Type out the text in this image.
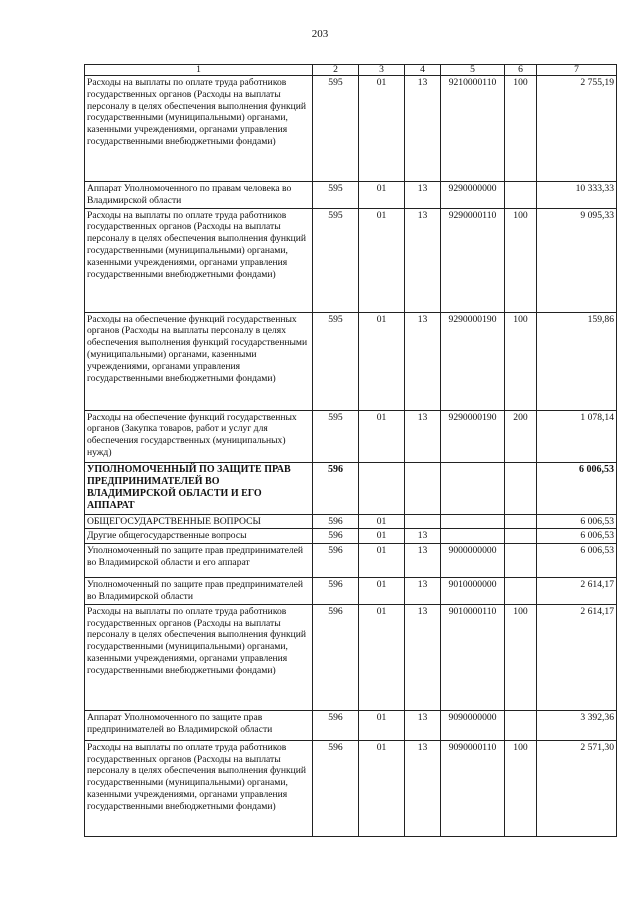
203
1	2	3	4	5	6	7
Расходы на выплаты по оплате труда работников государственных органов (Расходы на выплаты персоналу в целях обеспечения выполнения функций государственными (муниципальными) органами, казенными учреждениями, органами управления государственными внебюджетными фондами)	595	01	13	9210000110	100	2 755,19
Аппарат Уполномоченного по правам человека во Владимирской области	595	01	13	9290000000		10 333,33
Расходы на выплаты по оплате труда работников государственных органов (Расходы на выплаты персоналу в целях обеспечения выполнения функций государственными (муниципальными) органами, казенными учреждениями, органами управления государственными внебюджетными фондами)	595	01	13	9290000110	100	9 095,33
Расходы на обеспечение функций государственных органов (Расходы на выплаты персоналу в целях обеспечения выполнения функций государственными (муниципальными) органами, казенными учреждениями, органами управления государственными внебюджетными фондами)	595	01	13	9290000190	100	159,86
Расходы на обеспечение функций государственных органов (Закупка товаров, работ и услуг для обеспечения государственных (муниципальных) нужд)	595	01	13	9290000190	200	1 078,14
УПОЛНОМОЧЕННЫЙ ПО ЗАЩИТЕ ПРАВ ПРЕДПРИНИМАТЕЛЕЙ ВО ВЛАДИМИРСКОЙ ОБЛАСТИ И ЕГО АППАРАТ	596					6 006,53
ОБЩЕГОСУДАРСТВЕННЫЕ ВОПРОСЫ	596	01				6 006,53
Другие общегосударственные вопросы	596	01	13			6 006,53
Уполномоченный по защите прав предпринимателей во Владимирской области и его аппарат	596	01	13	9000000000		6 006,53
Уполномоченный по защите прав предпринимателей во Владимирской области	596	01	13	9010000000		2 614,17
Расходы на выплаты по оплате труда работников государственных органов (Расходы на выплаты персоналу в целях обеспечения выполнения функций государственными (муниципальными) органами, казенными учреждениями, органами управления государственными внебюджетными фондами)	596	01	13	9010000110	100	2 614,17
Аппарат Уполномоченного по защите прав предпринимателей во Владимирской области	596	01	13	9090000000		3 392,36
Расходы на выплаты по оплате труда работников государственных органов (Расходы на выплаты персоналу в целях обеспечения выполнения функций государственными (муниципальными) органами, казенными учреждениями, органами управления государственными внебюджетными фондами)	596	01	13	9090000110	100	2 571,30
